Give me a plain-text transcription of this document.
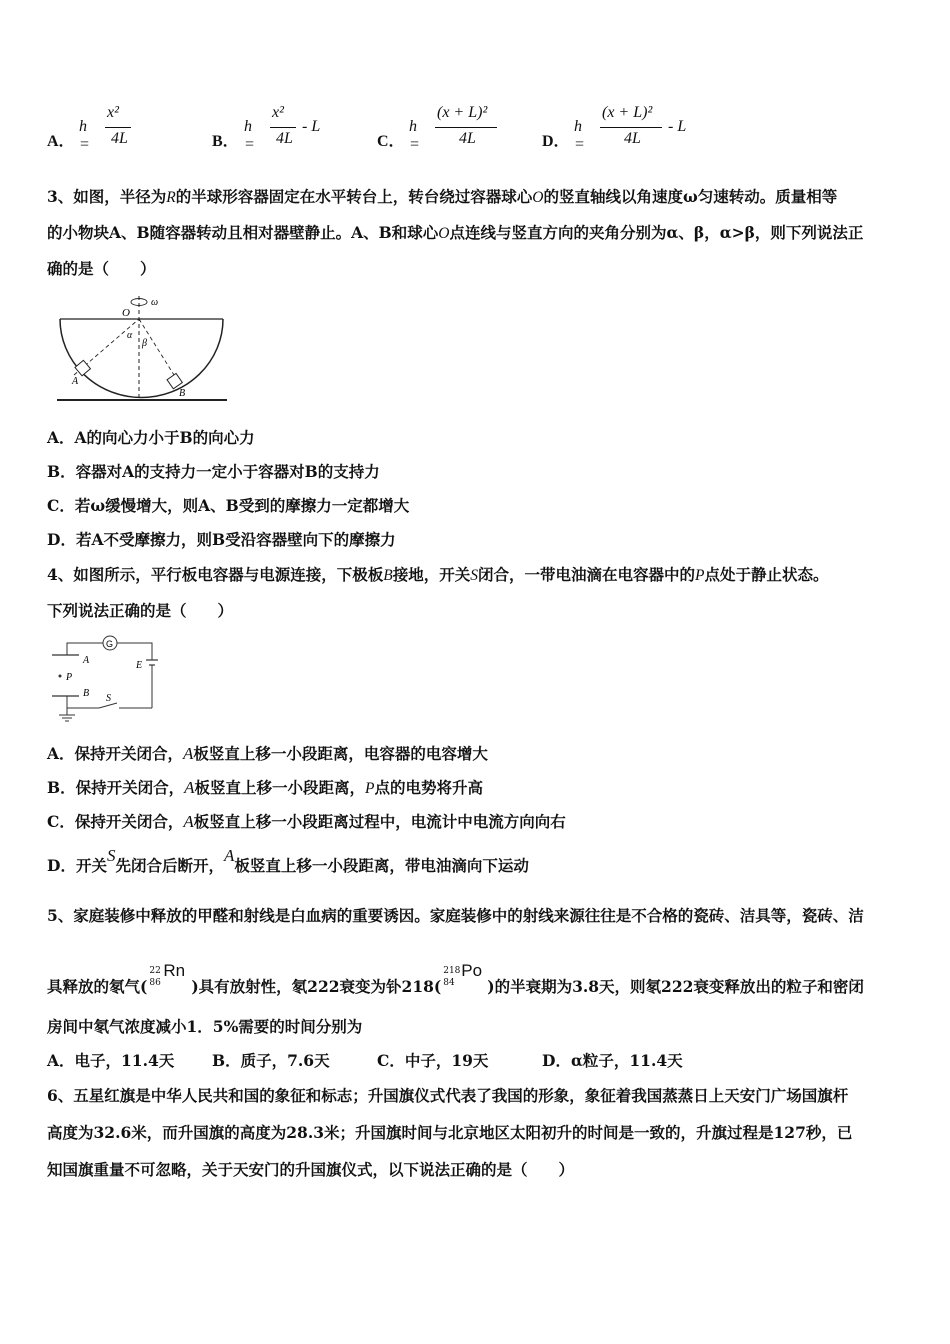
A．
h =
x²
4L	B．
h =
x²
4L
- L
C．
h =
(x + L)²
4L	D．
h =
(x + L)²
4L
- L
3、如图，半径为R的半球形容器固定在水平转台上，转台绕过容器球心O的竖直轴线以角速度ω匀速转动。质量相等
的小物块A、B随容器转动且相对器壁静止。A、B和球心O点连线与竖直方向的夹角分别为α、β，α>β，则下列说法正
确的是（　　）
O
ω
α
β
A
B
A．A的向心力小于B的向心力
B．容器对A的支持力一定小于容器对B的支持力
C．若ω缓慢增大，则A、B受到的摩擦力一定都增大
D．若A不受摩擦力，则B受沿容器壁向下的摩擦力
4、如图所示，平行板电容器与电源连接，下极板B接地，开关S闭合，一带电油滴在电容器中的P点处于静止状态。
下列说法正确的是（　　）
G
E
A
P
B S
A．保持开关闭合，A板竖直上移一小段距离，电容器的电容增大
B．保持开关闭合，A板竖直上移一小段距离，P点的电势将升高
C．保持开关闭合，A板竖直上移一小段距离过程中，电流计中电流方向向右
D．开关S先闭合后断开，A板竖直上移一小段距离，带电油滴向下运动
5、家庭装修中释放的甲醛和射线是白血病的重要诱因。家庭装修中的射线来源往往是不合格的瓷砖、洁具等，瓷砖、洁
具释放的氡气(
22
86
Rn
)具有放射性，氡222衰变为钋218(
218
84
Po
)的半衰期为3.8天，则氡222衰变释放出的粒子和密闭
房间中氡气浓度减小1．5%需要的时间分别为
A．电子，11.4天 B．质子，7.6天	C．中子，19天	D．α粒子，11.4天
6、五星红旗是中华人民共和国的象征和标志；升国旗仪式代表了我国的形象，象征着我国蒸蒸日上天安门广场国旗杆
高度为32.6米，而升国旗的高度为28.3米；升国旗时间与北京地区太阳初升的时间是一致的，升旗过程是127秒，已
知国旗重量不可忽略，关于天安门的升国旗仪式，以下说法正确的是（　　）
